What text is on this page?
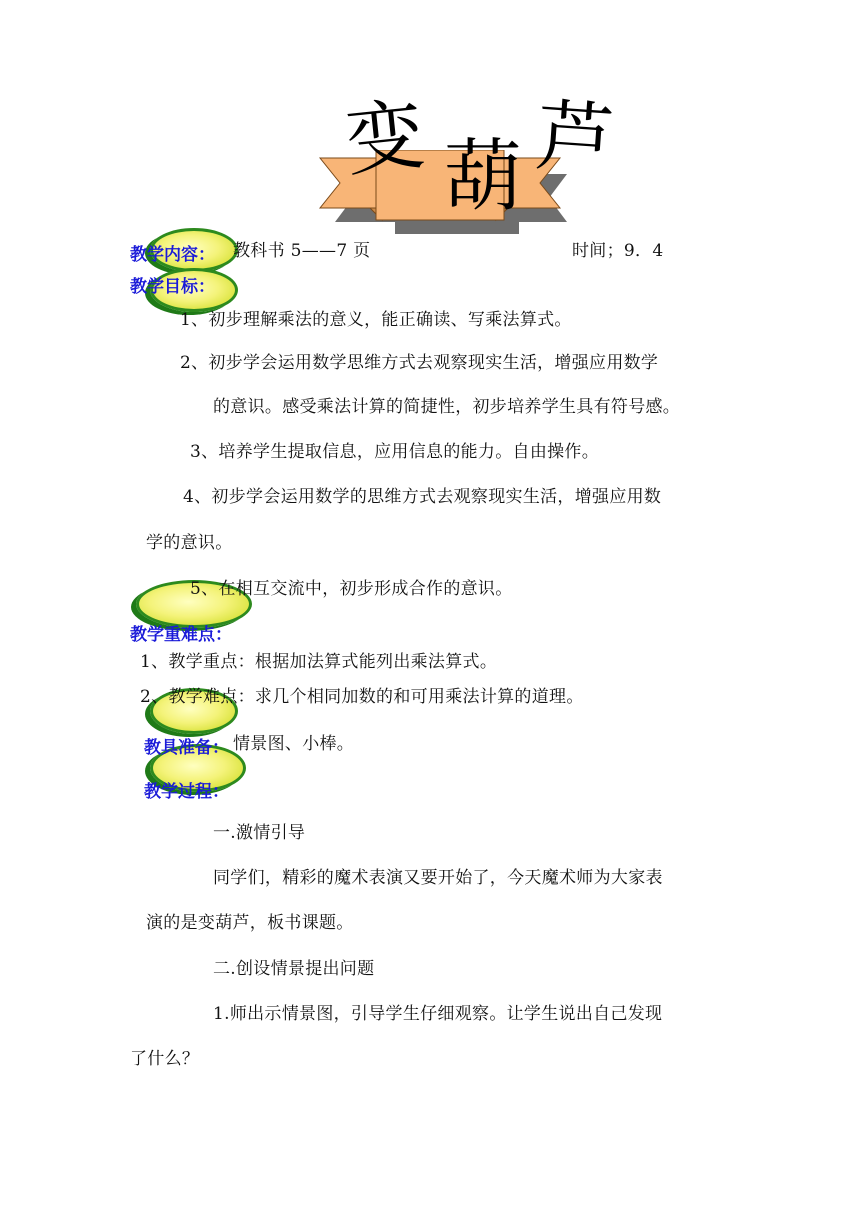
变 葫 芦
教学内容： 教科书 5——7 页	时间；9．4
教学目标：
1、初步理解乘法的意义，能正确读、写乘法算式。
2、初步学会运用数学思维方式去观察现实生活，增强应用数学
的意识。感受乘法计算的简捷性，初步培养学生具有符号感。
3、培养学生提取信息，应用信息的能力。自由操作。
4、初步学会运用数学的思维方式去观察现实生活，增强应用数
学的意识。
5、在相互交流中，初步形成合作的意识。
教学重难点：
1、教学重点：根据加法算式能列出乘法算式。
2、教学难点：求几个相同加数的和可用乘法计算的道理。
教具准备： 情景图、小棒。
教学过程：
一.激情引导
同学们，精彩的魔术表演又要开始了，今天魔术师为大家表
演的是变葫芦，板书课题。
二.创设情景提出问题
1.师出示情景图，引导学生仔细观察。让学生说出自己发现
了什么？
